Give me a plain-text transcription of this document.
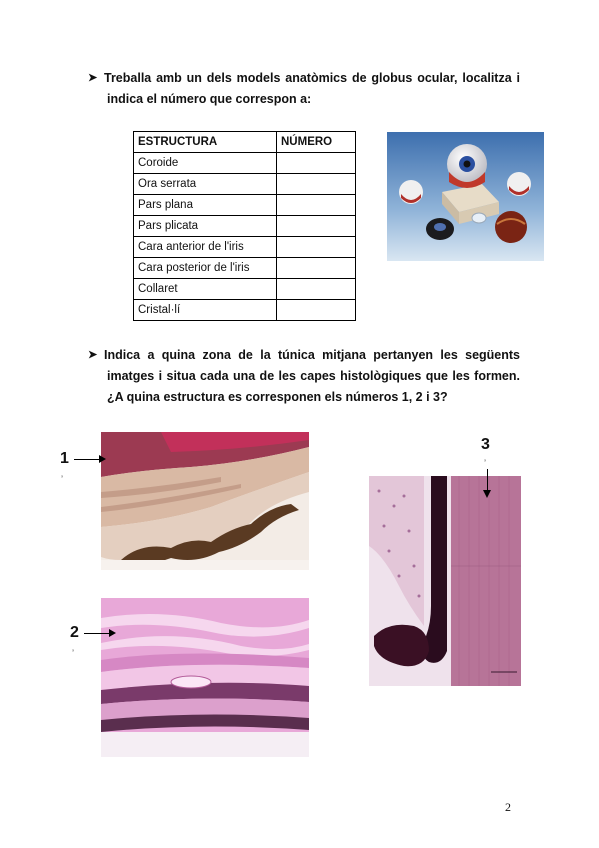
➤ Treballa amb un dels models anatòmics de globus ocular, localitza i
indica el número que correspon a:
ESTRUCTURA	NÚMERO
Coroide	
Ora serrata	
Pars plana	
Pars plicata	
Cara anterior de l'iris	
Cara posterior de l'iris	
Collaret	
Cristal·lí	
➤ Indica a quina zona de la túnica mitjana pertanyen les següents
imatges i situa cada una de les capes histològiques que les formen.
¿A quina estructura es corresponen els números 1, 2 i 3?
1
’
2
’
3
’
2
